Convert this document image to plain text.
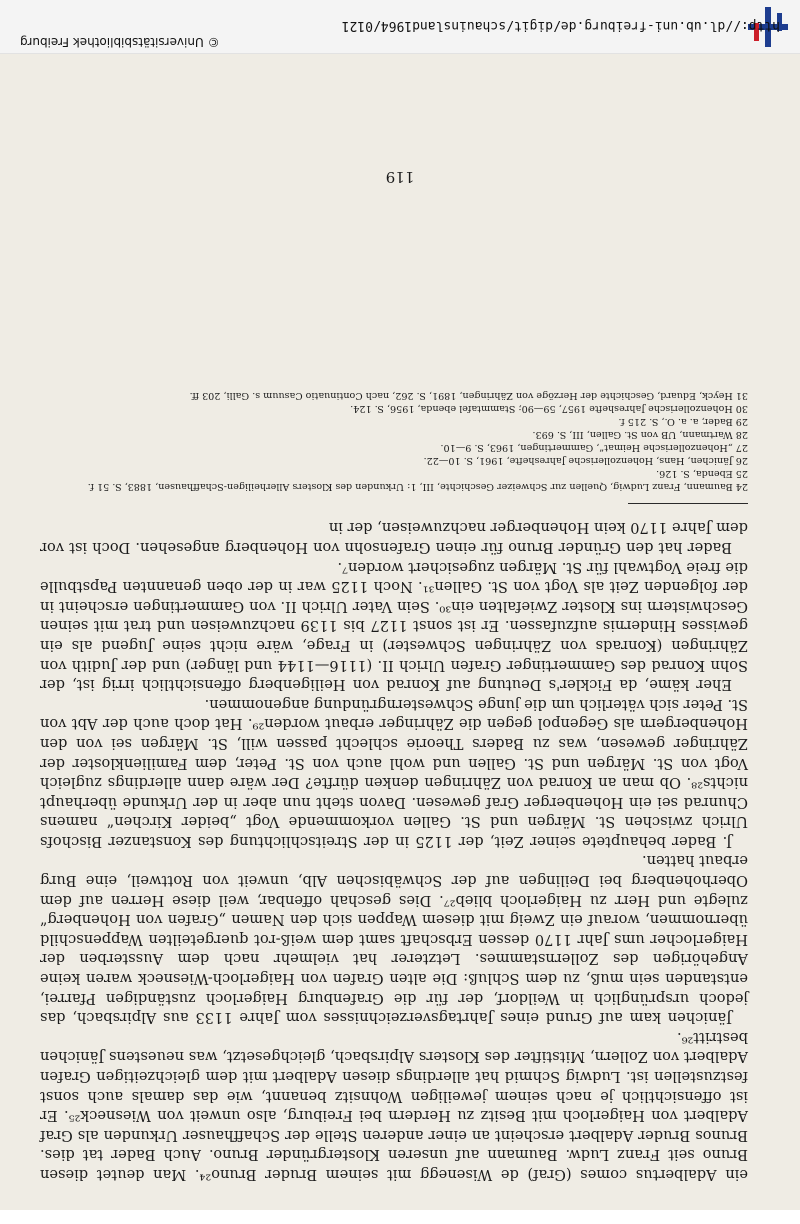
ein Adalbertus comes (Graf) de Wisenegg mit seinem Bruder Bruno²⁴. Man deutet diesen Bruno seit Franz Ludw. Baumann auf unseren Klostergründer Bruno. Auch Bader tat dies. Brunos Bruder Adalbert erscheint an einer anderen Stelle der Schaffhauser Urkunden als Graf Adalbert von Haigerloch mit Besitz zu Herdern bei Freiburg, also unweit von Wiesneck²⁵. Er ist offensichtlich je nach seinem jeweiligen Wohnsitz benannt, wie das damals auch sonst festzustellen ist. Ludwig Schmid hat allerdings diesen Adalbert mit dem gleichzeitigen Grafen Adalbert von Zollern, Mitstifter des Klosters Alpirsbach, gleichgesetzt, was neuestens Jänichen bestritt²⁶.

Jänichen kam auf Grund eines Jahrtagsverzeichnisses vom Jahre 1133 aus Alpirsbach, das jedoch ursprünglich in Weildorf, der für die Grafenburg Haigerloch zuständigen Pfarrei, entstanden sein muß, zu dem Schluß: Die alten Grafen von Haigerloch-Wiesneck waren keine Angehörigen des Zollernstammes. Letzterer hat vielmehr nach dem Aussterben der Haigerlocher ums Jahr 1170 dessen Erbschaft samt dem weiß-rot quergeteilten Wappenschild übernommen, worauf ein Zweig mit diesem Wappen sich den Namen „Grafen von Hohenberg“ zulegte und Herr zu Haigerloch blieb²⁷. Dies geschah offenbar, weil diese Herren auf dem Oberhohenberg bei Deilingen auf der Schwäbischen Alb, unweit von Rottweil, eine Burg erbaut hatten.

J. Bader behauptete seiner Zeit, der 1125 in der Streitschlichtung des Konstanzer Bischofs Ulrich zwischen St. Märgen und St. Gallen vorkommende Vogt „beider Kirchen“ namens Chunrad sei ein Hohenberger Graf gewesen. Davon steht nun aber in der Urkunde überhaupt nichts²⁸. Ob man an Konrad von Zähringen denken dürfte? Der wäre dann allerdings zugleich Vogt von St. Märgen und St. Gallen und wohl auch von St. Peter, dem Familienkloster der Zähringer gewesen, was zu Baders Theorie schlecht passen will, St. Märgen sei von den Hohenbergern als Gegenpol gegen die Zähringer erbaut worden²⁹. Hat doch auch der Abt von St. Peter sich väterlich um die junge Schwesterngründung angenommen.

Eher käme, da Fickler's Deutung auf Konrad von Heiligenberg offensichtlich irrig ist, der Sohn Konrad des Gammertinger Grafen Ulrich II. (1116—1144 und länger) und der Judith von Zähringen (Konrads von Zähringen Schwester) in Frage, wäre nicht seine Jugend als ein gewisses Hindernis aufzufassen. Er ist sonst 1127 bis 1139 nachzuweisen und trat mit seinen Geschwistern ins Kloster Zwiefalten ein³⁰. Sein Vater Ulrich II. von Gammertingen erscheint in der folgenden Zeit als Vogt von St. Gallen³¹. Noch 1125 war in der oben genannten Papstbulle die freie Vogtwahl für St. Märgen zugesichert worden⁷.

Bader hat den Gründer Bruno für einen Grafensohn von Hohenberg angesehen. Doch ist vor dem Jahre 1170 kein Hohenberger nachzuweisen, der in

24 Baumann, Franz Ludwig, Quellen zur Schweizer Geschichte, III, 1: Urkunden des Klosters Allerheiligen-Schaffhausen, 1883, S. 51 f.
25 Ebenda, S. 126.
26 Jänichen, Hans, Hohenzollerische Jahreshefte, 1961, S. 10—22.
27 „Hohenzollerische Heimat“, Gammertingen, 1963, S. 9—10.
28 Wartmann, UB von St. Gallen, III, S. 693.
29 Bader, a. a. O., S. 215 f.
30 Hohenzollerische Jahreshefte 1957, 59—90; Stammtafel ebenda, 1956, S. 124.
31 Heyck, Eduard, Geschichte der Herzöge von Zähringen, 1891, S. 262, nach Continuatio Casuum s. Galli, 203 ff.
119
© Universitätsbibliothek Freiburg
http://dl.ub.uni-freiburg.de/digit/schauinsland1964/0121
